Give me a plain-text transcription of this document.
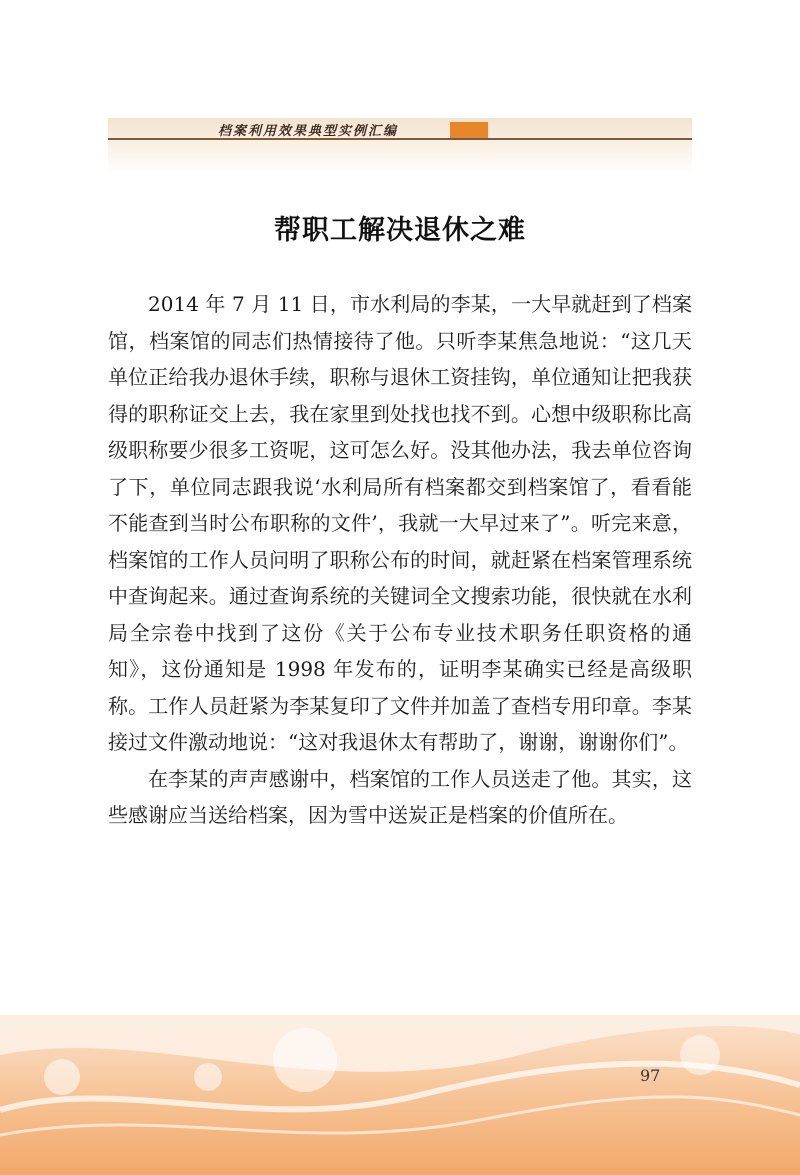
档案利用效果典型实例汇编
帮职工解决退休之难

2014 年 7 月 11 日，市水利局的李某，一大早就赶到了档案馆，档案馆的同志们热情接待了他。只听李某焦急地说：“这几天单位正给我办退休手续，职称与退休工资挂钩，单位通知让把我获得的职称证交上去，我在家里到处找也找不到。心想中级职称比高级职称要少很多工资呢，这可怎么好。没其他办法，我去单位咨询了下，单位同志跟我说‘水利局所有档案都交到档案馆了，看看能不能查到当时公布职称的文件’，我就一大早过来了”。听完来意，档案馆的工作人员问明了职称公布的时间，就赶紧在档案管理系统中查询起来。通过查询系统的关键词全文搜索功能，很快就在水利局全宗卷中找到了这份《关于公布专业技术职务任职资格的通知》，这份通知是 1998 年发布的，证明李某确实已经是高级职称。工作人员赶紧为李某复印了文件并加盖了查档专用印章。李某接过文件激动地说：“这对我退休太有帮助了，谢谢，谢谢你们”。

在李某的声声感谢中，档案馆的工作人员送走了他。其实，这些感谢应当送给档案，因为雪中送炭正是档案的价值所在。

97
